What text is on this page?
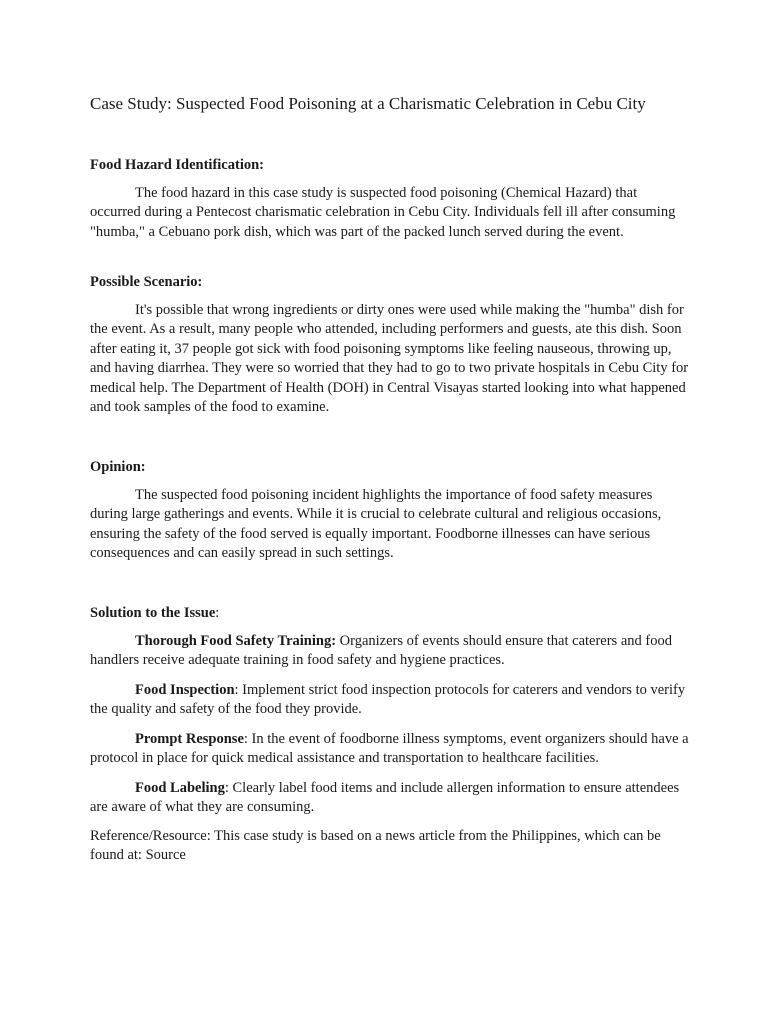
Case Study: Suspected Food Poisoning at a Charismatic Celebration in Cebu City
Food Hazard Identification:

The food hazard in this case study is suspected food poisoning (Chemical Hazard) that occurred during a Pentecost charismatic celebration in Cebu City. Individuals fell ill after consuming "humba," a Cebuano pork dish, which was part of the packed lunch served during the event.

Possible Scenario:

It's possible that wrong ingredients or dirty ones were used while making the "humba" dish for the event. As a result, many people who attended, including performers and guests, ate this dish. Soon after eating it, 37 people got sick with food poisoning symptoms like feeling nauseous, throwing up, and having diarrhea. They were so worried that they had to go to two private hospitals in Cebu City for medical help. The Department of Health (DOH) in Central Visayas started looking into what happened and took samples of the food to examine.

Opinion:

The suspected food poisoning incident highlights the importance of food safety measures during large gatherings and events. While it is crucial to celebrate cultural and religious occasions, ensuring the safety of the food served is equally important. Foodborne illnesses can have serious consequences and can easily spread in such settings.

Solution to the Issue:

Thorough Food Safety Training: Organizers of events should ensure that caterers and food handlers receive adequate training in food safety and hygiene practices.

Food Inspection: Implement strict food inspection protocols for caterers and vendors to verify the quality and safety of the food they provide.

Prompt Response: In the event of foodborne illness symptoms, event organizers should have a protocol in place for quick medical assistance and transportation to healthcare facilities.

Food Labeling: Clearly label food items and include allergen information to ensure attendees are aware of what they are consuming.

Reference/Resource: This case study is based on a news article from the Philippines, which can be found at: Source
